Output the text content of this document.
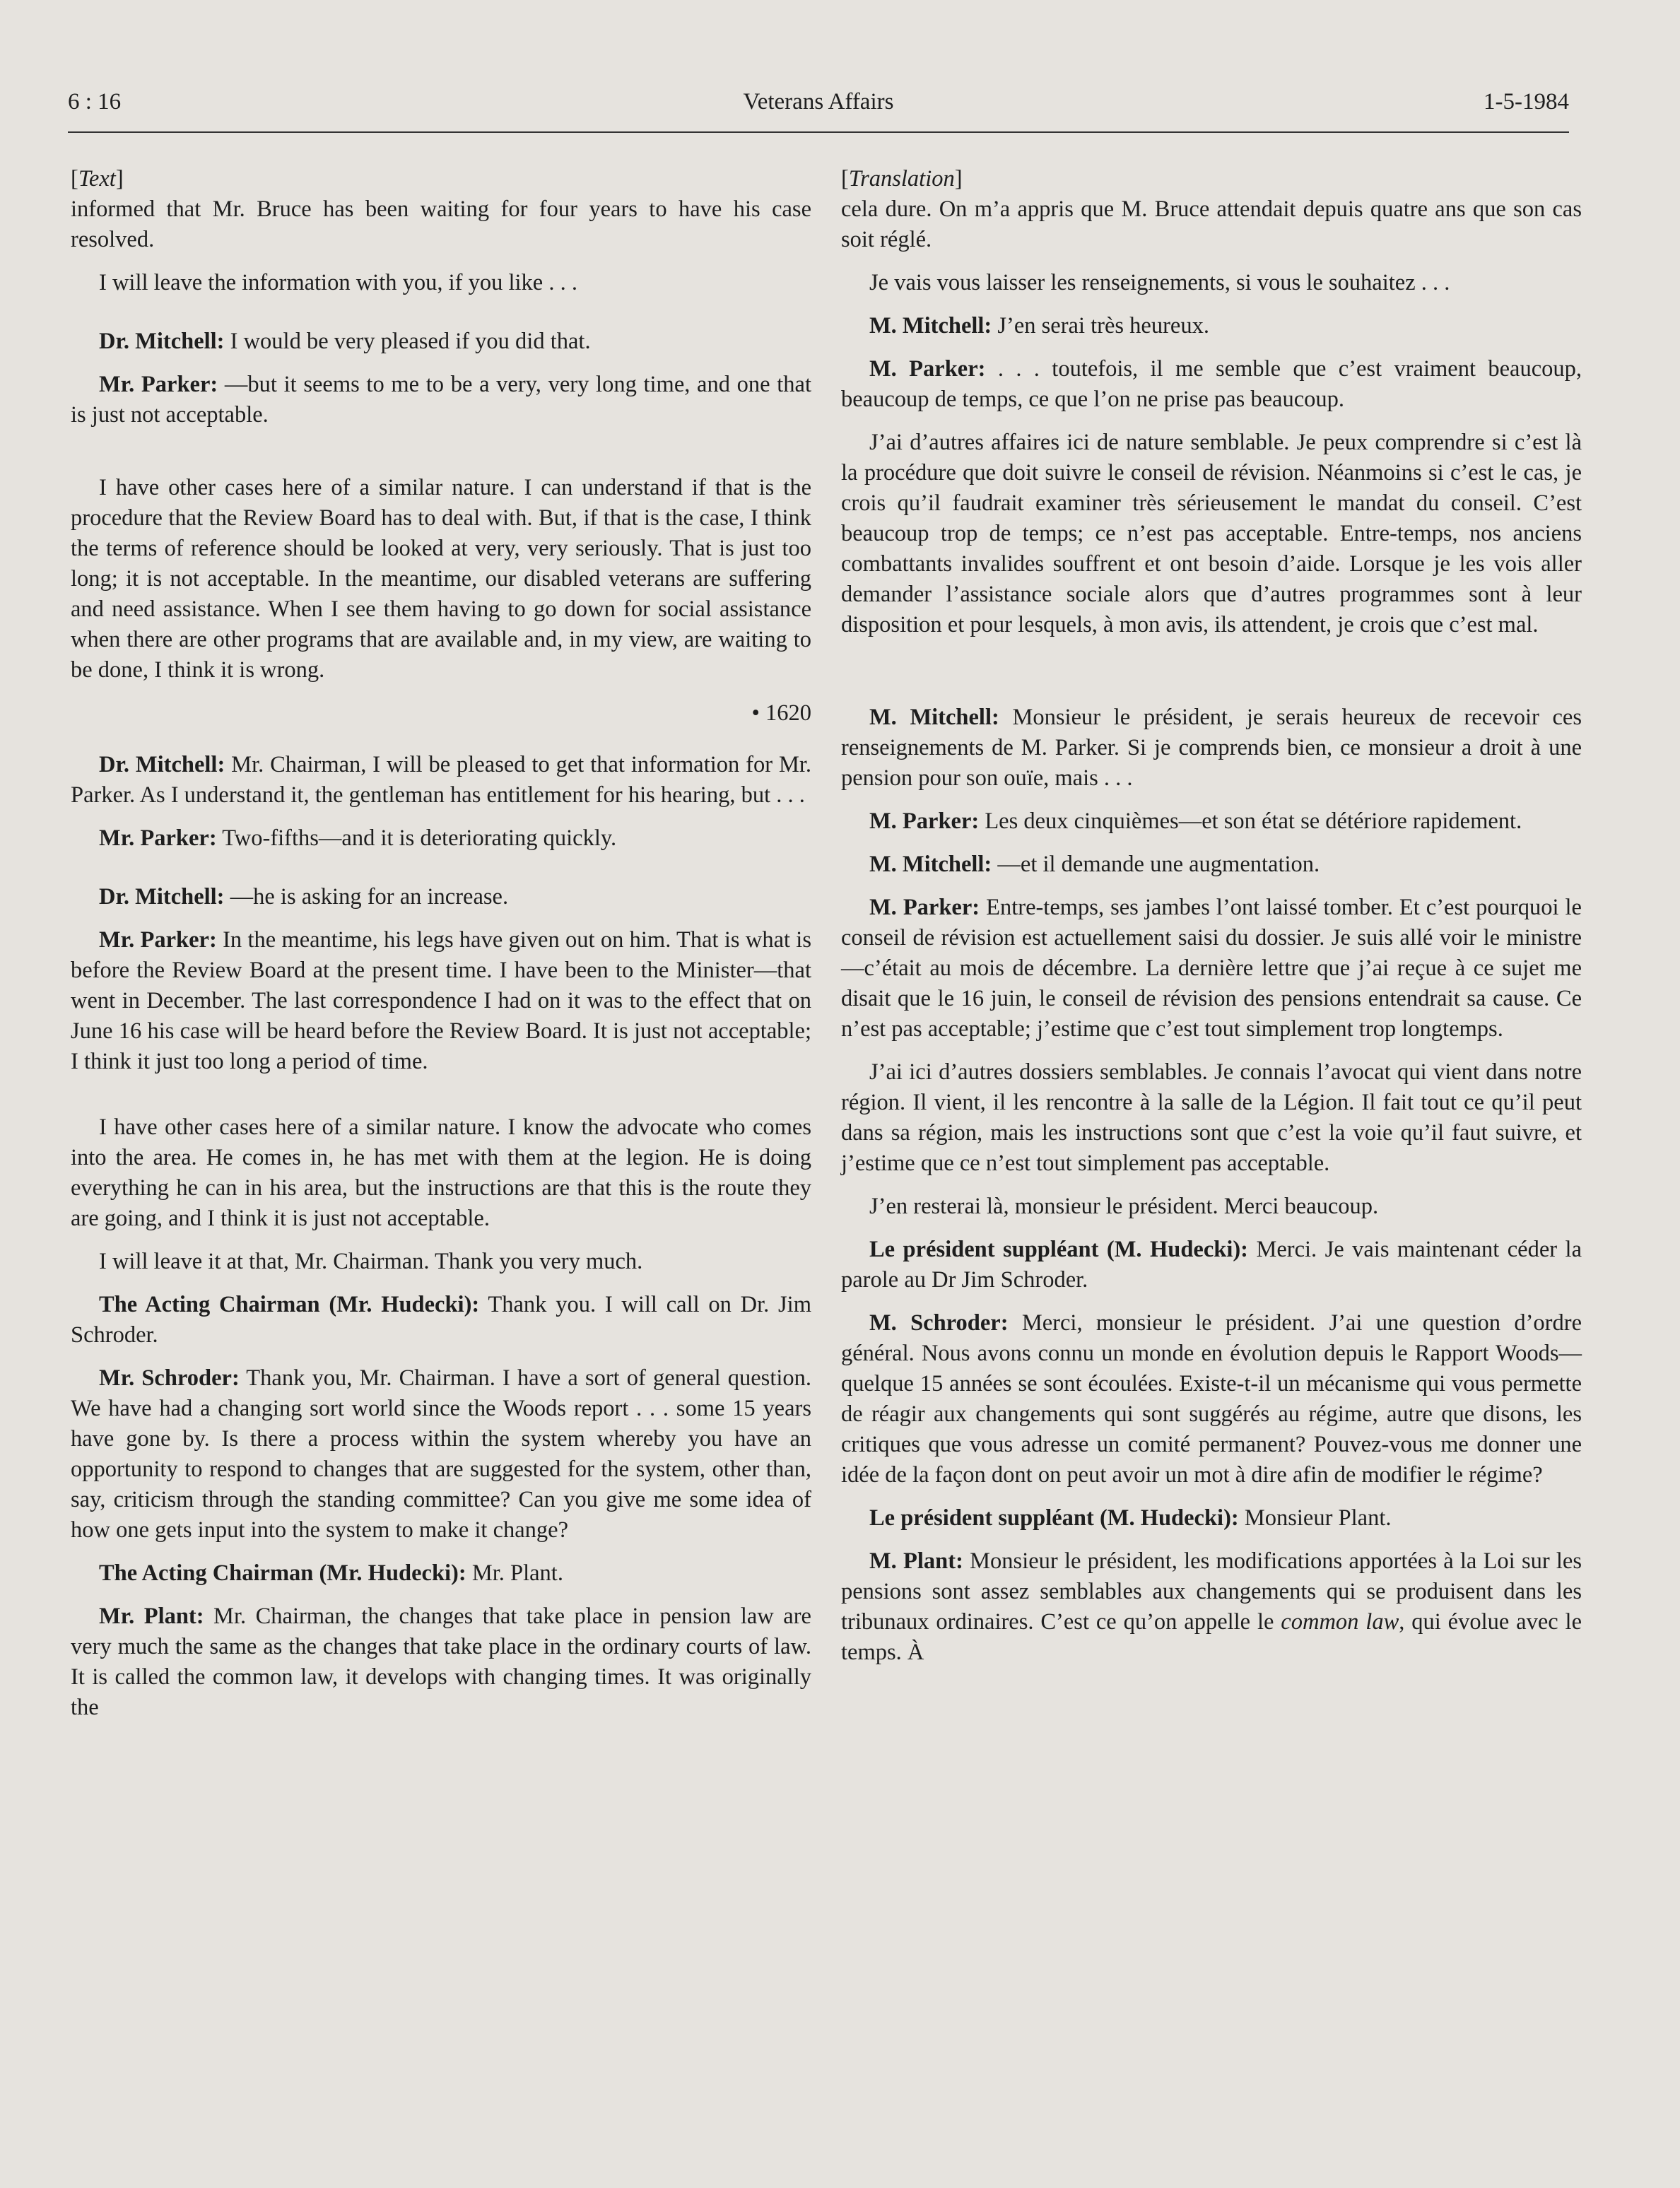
6 : 16	Veterans Affairs	1-5-1984

[Text]

informed that Mr. Bruce has been waiting for four years to have his case resolved.

I will leave the information with you, if you like . . .

Dr. Mitchell: I would be very pleased if you did that.

Mr. Parker: —but it seems to me to be a very, very long time, and one that is just not acceptable.

I have other cases here of a similar nature. I can understand if that is the procedure that the Review Board has to deal with. But, if that is the case, I think the terms of reference should be looked at very, very seriously. That is just too long; it is not acceptable. In the meantime, our disabled veterans are suffering and need assistance. When I see them having to go down for social assistance when there are other programs that are available and, in my view, are waiting to be done, I think it is wrong.

• 1620

Dr. Mitchell: Mr. Chairman, I will be pleased to get that information for Mr. Parker. As I understand it, the gentleman has entitlement for his hearing, but . . .

Mr. Parker: Two-fifths—and it is deteriorating quickly.

Dr. Mitchell: —he is asking for an increase.

Mr. Parker: In the meantime, his legs have given out on him. That is what is before the Review Board at the present time. I have been to the Minister—that went in December. The last correspondence I had on it was to the effect that on June 16 his case will be heard before the Review Board. It is just not acceptable; I think it just too long a period of time.

I have other cases here of a similar nature. I know the advocate who comes into the area. He comes in, he has met with them at the legion. He is doing everything he can in his area, but the instructions are that this is the route they are going, and I think it is just not acceptable.

I will leave it at that, Mr. Chairman. Thank you very much.

The Acting Chairman (Mr. Hudecki): Thank you. I will call on Dr. Jim Schroder.

Mr. Schroder: Thank you, Mr. Chairman. I have a sort of general question. We have had a changing sort world since the Woods report . . . some 15 years have gone by. Is there a process within the system whereby you have an opportunity to respond to changes that are suggested for the system, other than, say, criticism through the standing committee? Can you give me some idea of how one gets input into the system to make it change?

The Acting Chairman (Mr. Hudecki): Mr. Plant.

Mr. Plant: Mr. Chairman, the changes that take place in pension law are very much the same as the changes that take place in the ordinary courts of law. It is called the common law, it develops with changing times. It was originally the

[Translation]

cela dure. On m’a appris que M. Bruce attendait depuis quatre ans que son cas soit réglé.

Je vais vous laisser les renseignements, si vous le souhaitez . . .

M. Mitchell: J’en serai très heureux.

M. Parker: . . . toutefois, il me semble que c’est vraiment beaucoup, beaucoup de temps, ce que l’on ne prise pas beaucoup.

J’ai d’autres affaires ici de nature semblable. Je peux comprendre si c’est là la procédure que doit suivre le conseil de révision. Néanmoins si c’est le cas, je crois qu’il faudrait examiner très sérieusement le mandat du conseil. C’est beaucoup trop de temps; ce n’est pas acceptable. Entre-temps, nos anciens combattants invalides souffrent et ont besoin d’aide. Lorsque je les vois aller demander l’assistance sociale alors que d’autres programmes sont à leur disposition et pour lesquels, à mon avis, ils attendent, je crois que c’est mal.

M. Mitchell: Monsieur le président, je serais heureux de recevoir ces renseignements de M. Parker. Si je comprends bien, ce monsieur a droit à une pension pour son ouïe, mais . . .

M. Parker: Les deux cinquièmes—et son état se détériore rapidement.

M. Mitchell: —et il demande une augmentation.

M. Parker: Entre-temps, ses jambes l’ont laissé tomber. Et c’est pourquoi le conseil de révision est actuellement saisi du dossier. Je suis allé voir le ministre—c’était au mois de décembre. La dernière lettre que j’ai reçue à ce sujet me disait que le 16 juin, le conseil de révision des pensions entendrait sa cause. Ce n’est pas acceptable; j’estime que c’est tout simplement trop longtemps.

J’ai ici d’autres dossiers semblables. Je connais l’avocat qui vient dans notre région. Il vient, il les rencontre à la salle de la Légion. Il fait tout ce qu’il peut dans sa région, mais les instructions sont que c’est la voie qu’il faut suivre, et j’estime que ce n’est tout simplement pas acceptable.

J’en resterai là, monsieur le président. Merci beaucoup.

Le président suppléant (M. Hudecki): Merci. Je vais maintenant céder la parole au Dr Jim Schroder.

M. Schroder: Merci, monsieur le président. J’ai une question d’ordre général. Nous avons connu un monde en évolution depuis le Rapport Woods—quelque 15 années se sont écoulées. Existe-t-il un mécanisme qui vous permette de réagir aux changements qui sont suggérés au régime, autre que disons, les critiques que vous adresse un comité permanent? Pouvez-vous me donner une idée de la façon dont on peut avoir un mot à dire afin de modifier le régime?

Le président suppléant (M. Hudecki): Monsieur Plant.

M. Plant: Monsieur le président, les modifications apportées à la Loi sur les pensions sont assez semblables aux changements qui se produisent dans les tribunaux ordinaires. C’est ce qu’on appelle le common law, qui évolue avec le temps. À
